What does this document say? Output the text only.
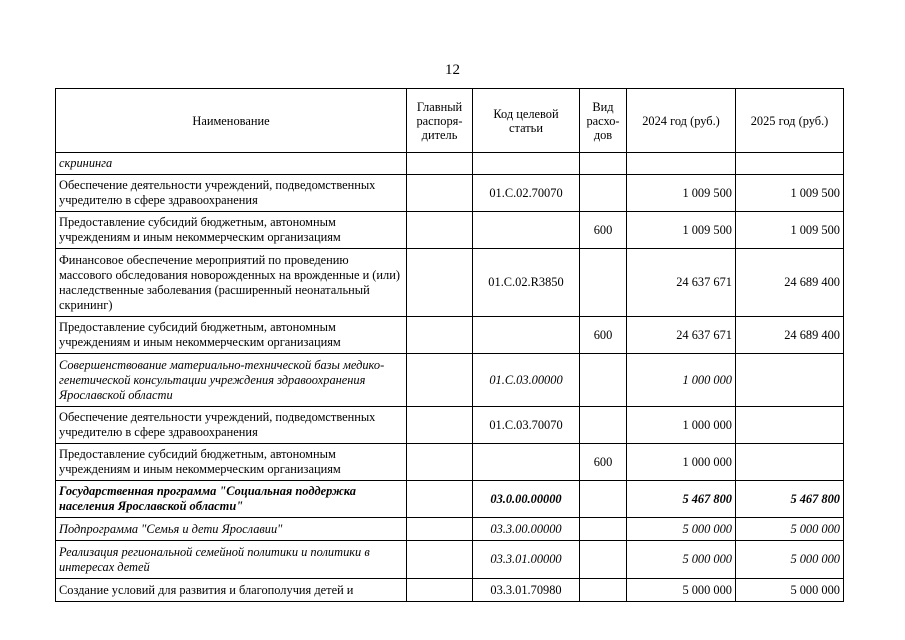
12
Наименование	Главный распоря-дитель	Код целевой статьи	Вид расхо-дов	2024 год (руб.)	2025 год (руб.)
скрининга					
Обеспечение деятельности учреждений, подведомственных учредителю в сфере здравоохранения		01.С.02.70070		1 009 500	1 009 500
Предоставление субсидий бюджетным, автономным учреждениям и иным некоммерческим организациям			600	1 009 500	1 009 500
Финансовое обеспечение мероприятий по проведению массового обследования новорожденных на врожденные и (или) наследственные заболевания (расширенный неонатальный скрининг)		01.С.02.R3850		24 637 671	24 689 400
Предоставление субсидий бюджетным, автономным учреждениям и иным некоммерческим организациям			600	24 637 671	24 689 400
Совершенствование материально-технической базы медико-генетической консультации учреждения здравоохранения Ярославской области		01.С.03.00000		1 000 000	
Обеспечение деятельности учреждений, подведомственных учредителю в сфере здравоохранения		01.С.03.70070		1 000 000	
Предоставление субсидий бюджетным, автономным учреждениям и иным некоммерческим организациям			600	1 000 000	
Государственная программа "Социальная поддержка населения Ярославской области"		03.0.00.00000		5 467 800	5 467 800
Подпрограмма "Семья и дети Ярославии"		03.3.00.00000		5 000 000	5 000 000
Реализация региональной семейной политики и политики в интересах детей		03.3.01.00000		5 000 000	5 000 000
Создание условий для развития и благополучия детей и		03.3.01.70980		5 000 000	5 000 000
